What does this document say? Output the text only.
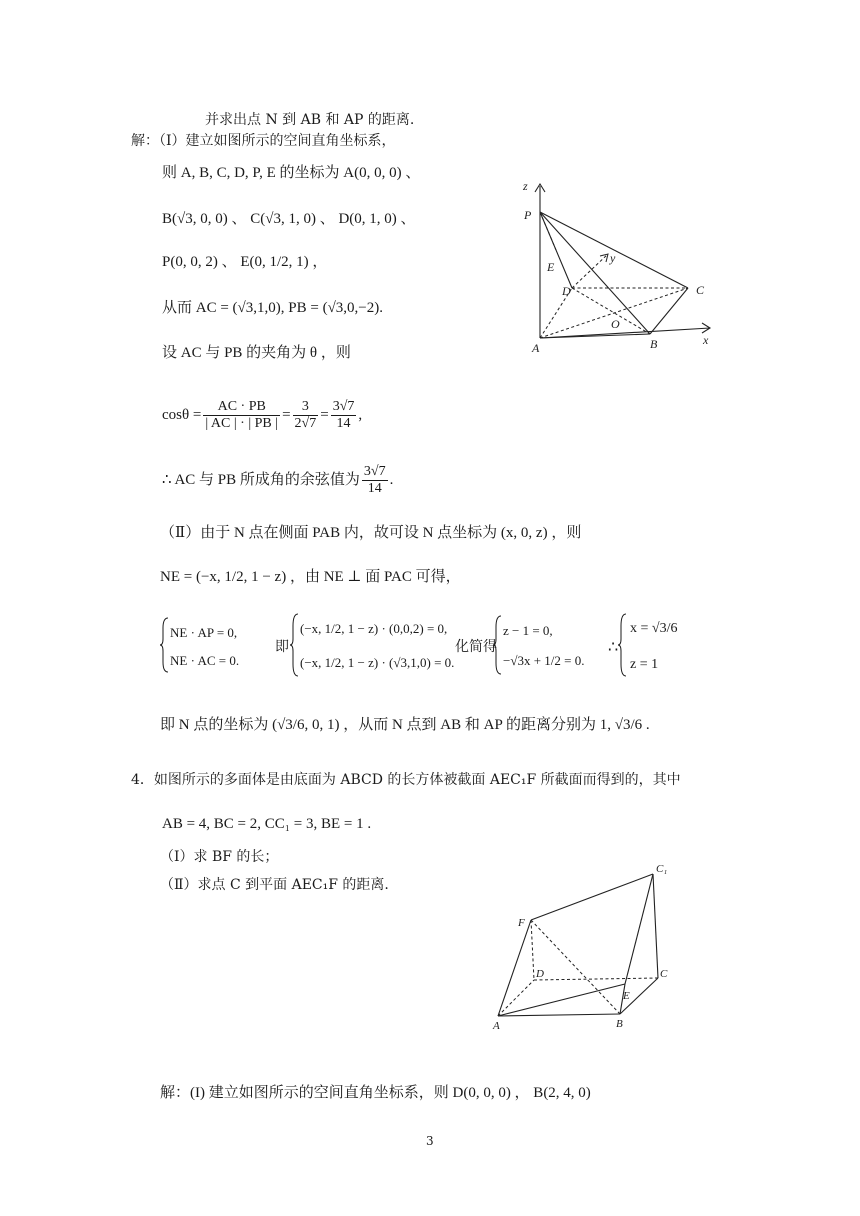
并求出点 N 到 AB 和 AP 的距离.
解：（Ⅰ）建立如图所示的空间直角坐标系，
则 A, B, C, D, P, E 的坐标为 A(0, 0, 0) 、
B(√3, 0, 0) 、 C(√3, 1, 0) 、 D(0, 1, 0) 、
P(0, 0, 2) 、 E(0, 1/2, 1) ，
从而 AC = (√3,1,0), PB = (√3,0,−2).
设 AC 与 PB 的夹角为 θ ，则
$\cos\theta = \frac{AC \cdot PB}{| AC | \cdot | PB |} = \frac{3}{2√7} = \frac{3√7}{14}$ ,
∴ AC 与 PB 所成角的余弦值为 $\frac{3√7}{14}$ .
（Ⅱ）由于 N 点在侧面 PAB 内，故可设 N 点坐标为 (x, 0, z) ，则
NE = (−x, 1/2, 1 − z) ，由 NE ⊥ 面 PAC 可得，
NE · AP = 0,
NE · AC = 0.
即
(−x, 1/2, 1 − z) · (0,0,2) = 0,
(−x, 1/2, 1 − z) · (√3,1,0) = 0.
化简得
z − 1 = 0,
−√3x + 1/2 = 0.
∴
x = √3/6
z = 1
即 N 点的坐标为 (√3/6, 0, 1) ，从而 N 点到 AB 和 AP 的距离分别为 1, √3/6 .
4．如图所示的多面体是由底面为 ABCD 的长方体被截面 AEC₁F 所截面而得到的，其中
AB = 4, BC = 2, CC₁ = 3, BE = 1 .
（Ⅰ）求 BF 的长；
（Ⅱ）求点 C 到平面 AEC₁F 的距离.
解：(I) 建立如图所示的空间直角坐标系，则 D(0, 0, 0) ， B(2, 4, 0)
3
z
P
E
y
D
O
C
A	B	x
C₁
F
D	C
E
A	B
